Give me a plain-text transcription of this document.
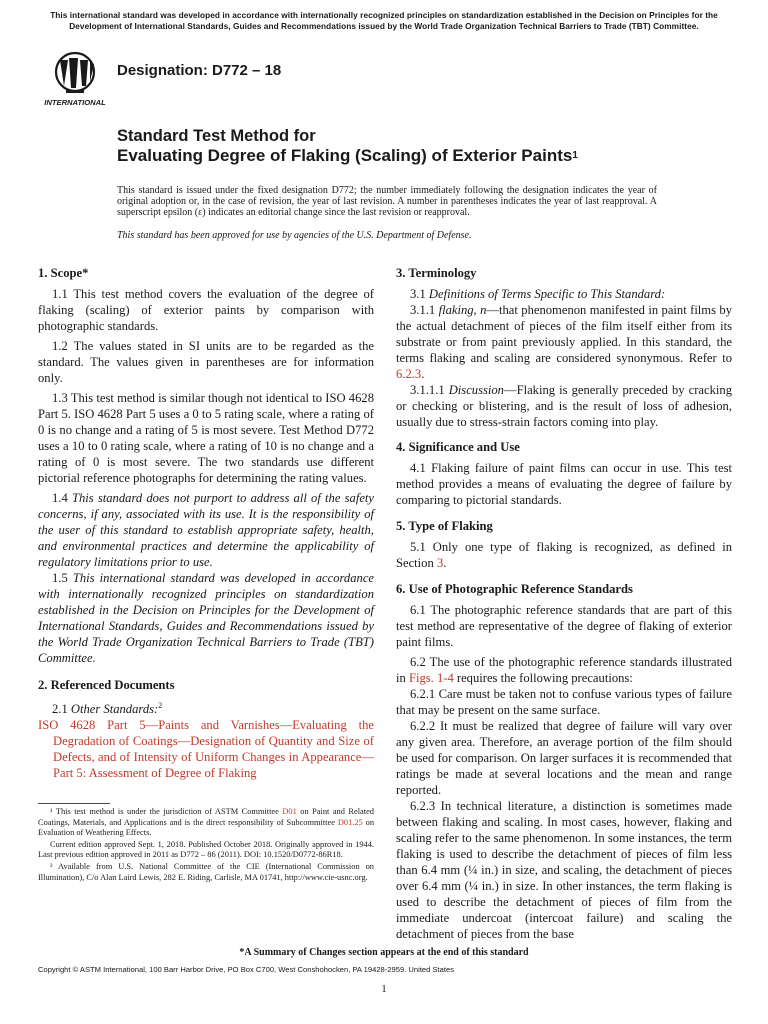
This international standard was developed in accordance with internationally recognized principles on standardization established in the Decision on Principles for the Development of International Standards, Guides and Recommendations issued by the World Trade Organization Technical Barriers to Trade (TBT) Committee.
INTERNATIONAL
Designation: D772 – 18
Standard Test Method for
Evaluating Degree of Flaking (Scaling) of Exterior Paints$^1$
This standard is issued under the fixed designation D772; the number immediately following the designation indicates the year of original adoption or, in the case of revision, the year of last revision. A number in parentheses indicates the year of last reapproval. A superscript epsilon (ε) indicates an editorial change since the last revision or reapproval.
This standard has been approved for use by agencies of the U.S. Department of Defense.

1. Scope*

1.1 This test method covers the evaluation of the degree of flaking (scaling) of exterior paints by comparison with photographic standards.

1.2 The values stated in SI units are to be regarded as the standard. The values given in parentheses are for information only.

1.3 This test method is similar though not identical to ISO 4628 Part 5. ISO 4628 Part 5 uses a 0 to 5 rating scale, where a rating of 0 is no change and a rating of 5 is most severe. Test Method D772 uses a 10 to 0 rating scale, where a rating of 10 is no change and a rating of 0 is most severe. The two standards use different pictorial reference photographs for determining the rating values.

1.4 This standard does not purport to address all of the safety concerns, if any, associated with its use. It is the responsibility of the user of this standard to establish appropriate safety, health, and environmental practices and determine the applicability of regulatory limitations prior to use.

1.5 This international standard was developed in accordance with internationally recognized principles on standardization established in the Decision on Principles for the Development of International Standards, Guides and Recommendations issued by the World Trade Organization Technical Barriers to Trade (TBT) Committee.

2. Referenced Documents

2.1 Other Standards:$^2$

ISO 4628 Part 5—Paints and Varnishes—Evaluating the Degradation of Coatings—Designation of Quantity and Size of Defects, and of Intensity of Uniform Changes in Appearance—Part 5: Assessment of Degree of Flaking

3. Terminology

3.1 Definitions of Terms Specific to This Standard:

3.1.1 flaking, n—that phenomenon manifested in paint films by the actual detachment of pieces of the film itself either from its substrate or from paint previously applied. In this standard, the terms flaking and scaling are considered synonymous. Refer to 6.2.3.

3.1.1.1 Discussion—Flaking is generally preceded by cracking or checking or blistering, and is the result of loss of adhesion, usually due to stress-strain factors coming into play.

4. Significance and Use

4.1 Flaking failure of paint films can occur in use. This test method provides a means of evaluating the degree of failure by comparing to pictorial standards.

5. Type of Flaking

5.1 Only one type of flaking is recognized, as defined in Section 3.

6. Use of Photographic Reference Standards

6.1 The photographic reference standards that are part of this test method are representative of the degree of flaking of exterior paint films.

6.2 The use of the photographic reference standards illustrated in Figs. 1-4 requires the following precautions:

6.2.1 Care must be taken not to confuse various types of failure that may be present on the same surface.

6.2.2 It must be realized that degree of failure will vary over any given area. Therefore, an average portion of the film should be used for comparison. On larger surfaces it is recommended that ratings be made at several locations and the mean and range reported.

6.2.3 In technical literature, a distinction is sometimes made between flaking and scaling. In most cases, however, flaking and scaling refer to the same phenomenon. In some instances, the term flaking is used to describe the detachment of pieces of film less than 6.4 mm (¼ in.) in size, and scaling, the detachment of pieces over 6.4 mm (¼ in.) in size. In other instances, the term flaking is used to describe the detachment of pieces of film from the immediate undercoat (intercoat failure) and scaling the detachment of pieces from the base

¹ This test method is under the jurisdiction of ASTM Committee D01 on Paint and Related Coatings, Materials, and Applications and is the direct responsibility of Subcommittee D01.25 on Evaluation of Weathering Effects.

Current edition approved Sept. 1, 2018. Published October 2018. Originally approved in 1944. Last previous edition approved in 2011 as D772 – 86 (2011). DOI: 10.1520/D0772-86R18.

² Available from U.S. National Committee of the CIE (International Commission on Illumination), C/o Alan Laird Lewis, 282 E. Riding, Carlisle, MA 01741, http://www.cie-usnc.org.

*A Summary of Changes section appears at the end of this standard
Copyright © ASTM International, 100 Barr Harbor Drive, PO Box C700, West Conshohocken, PA 19428-2959. United States
1
